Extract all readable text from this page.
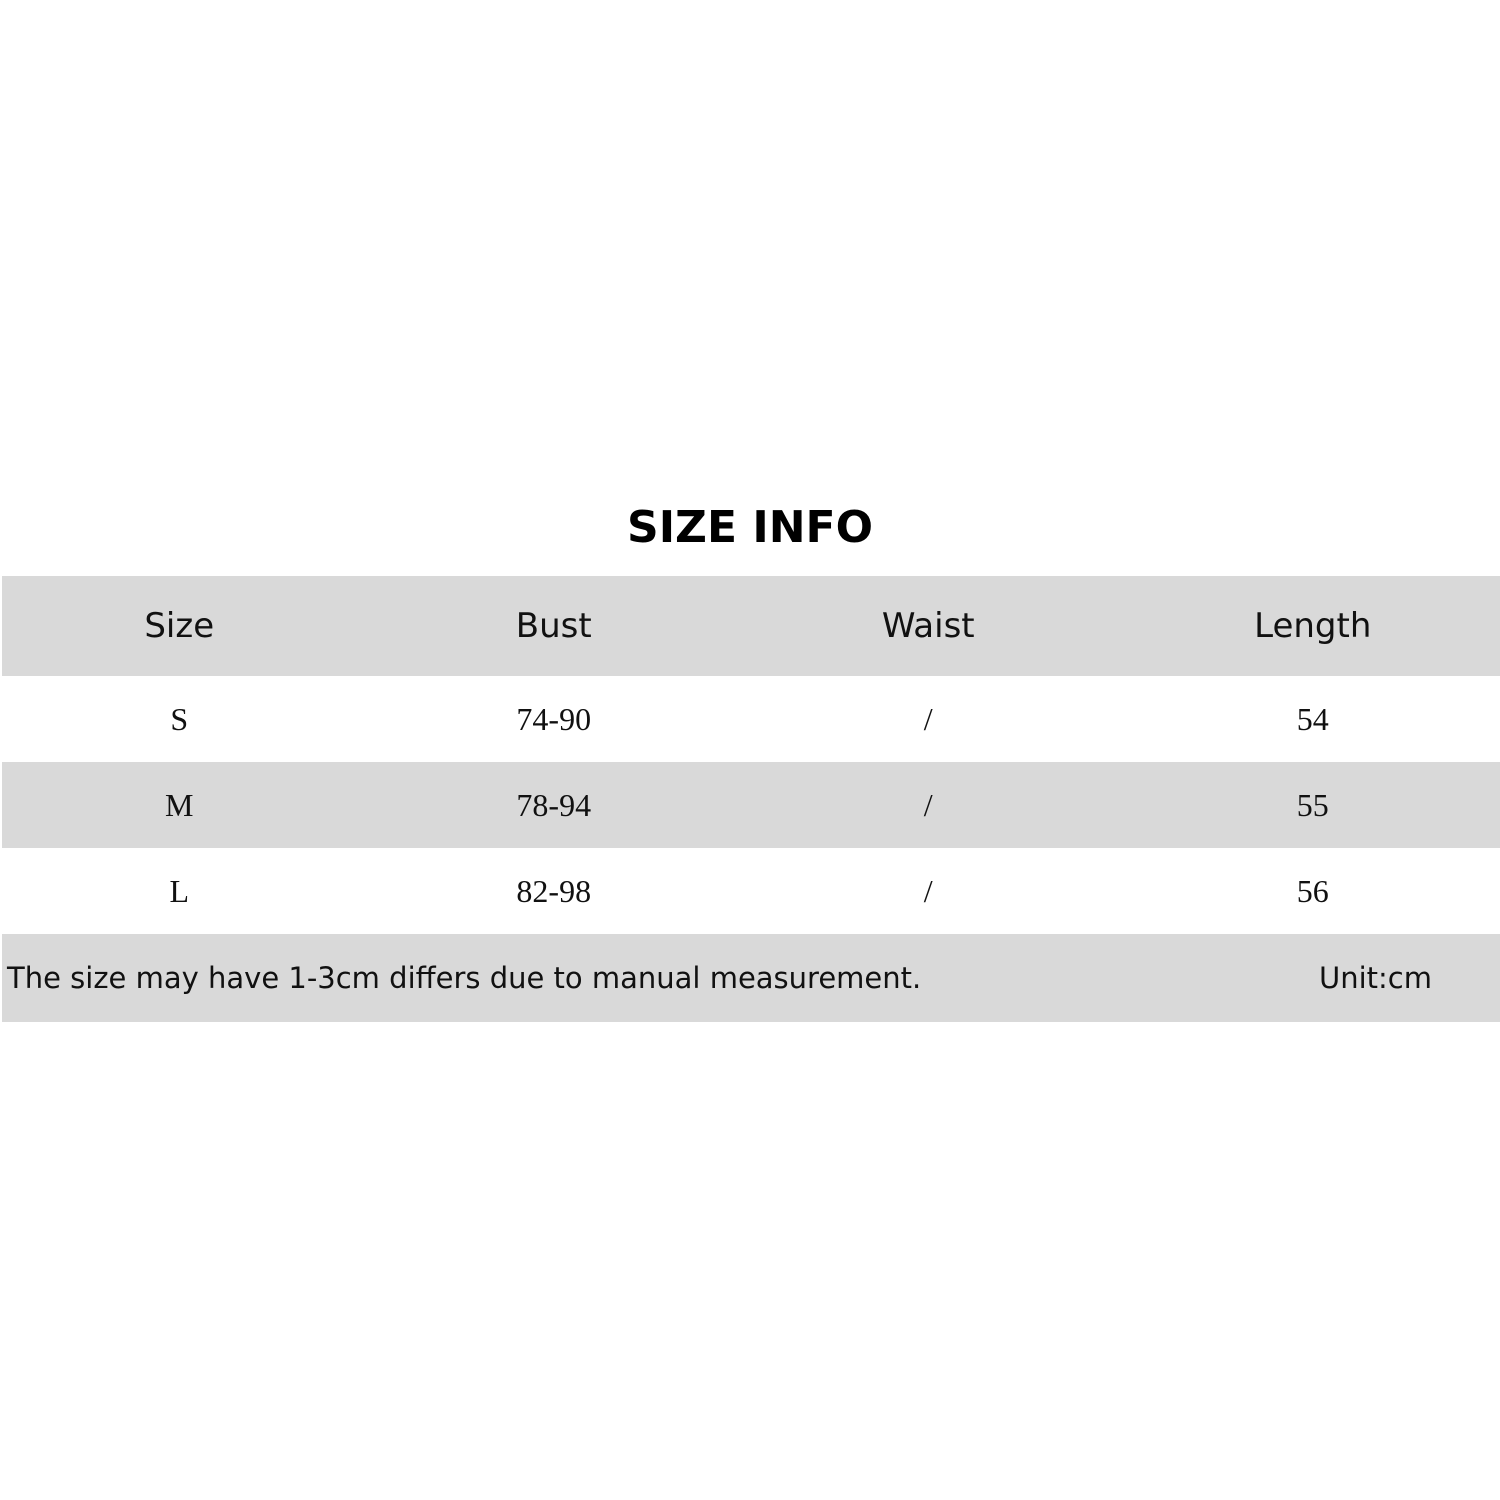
SIZE INFO
Size	Bust	Waist	Length
S	74-90	/	54
M	78-94	/	55
L	82-98	/	56
The size may have 1-3cm differs due to manual measurement.	Unit:cm
